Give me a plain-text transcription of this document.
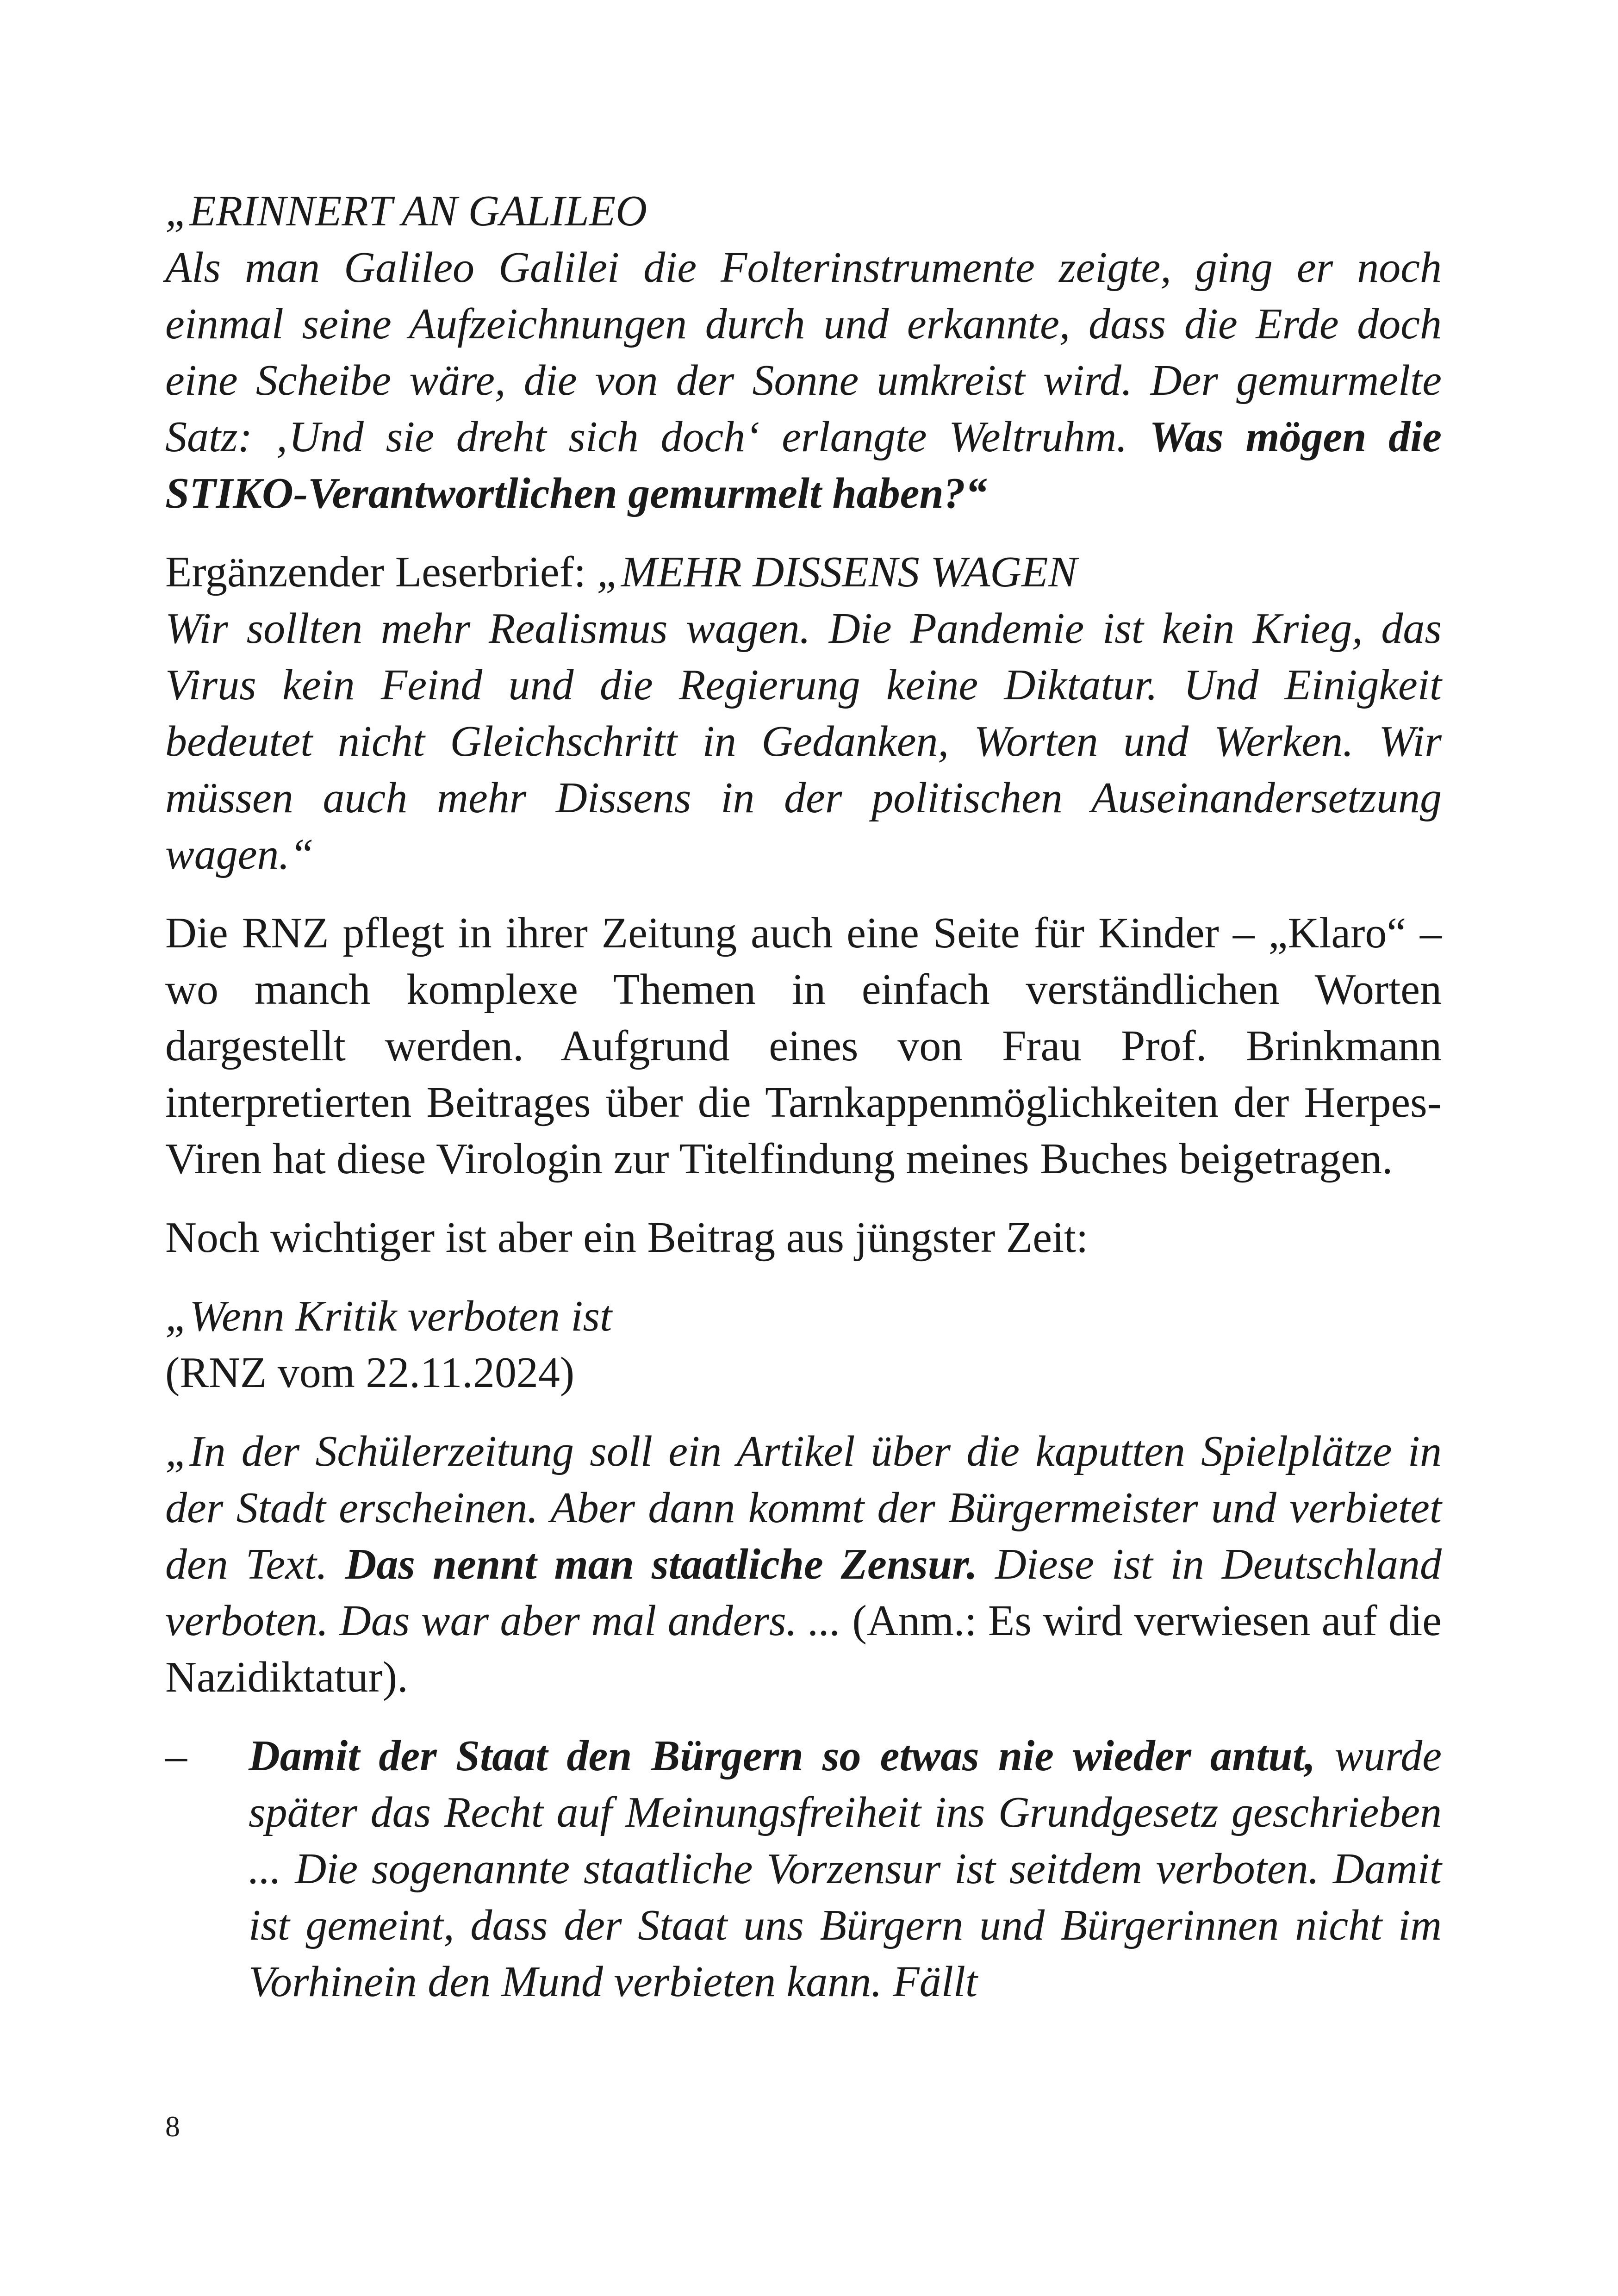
„ERINNERT AN GALILEO
Als man Galileo Galilei die Folterinstrumente zeigte, ging er noch einmal seine Aufzeichnungen durch und erkannte, dass die Erde doch eine Scheibe wäre, die von der Sonne umkreist wird. Der gemurmelte Satz: ‚Und sie dreht sich doch‘ erlangte Weltruhm. Was mögen die STIKO-Verantwortlichen gemurmelt haben?“

Ergänzender Leserbrief: „MEHR DISSENS WAGEN
Wir sollten mehr Realismus wagen. Die Pandemie ist kein Krieg, das Virus kein Feind und die Regierung keine Diktatur. Und Einigkeit bedeutet nicht Gleichschritt in Gedanken, Worten und Werken. Wir müssen auch mehr Dissens in der politischen Auseinandersetzung wagen.“

Die RNZ pflegt in ihrer Zeitung auch eine Seite für Kinder – „Klaro“ – wo manch komplexe Themen in einfach verständlichen Worten dargestellt werden. Aufgrund eines von Frau Prof. Brinkmann interpretierten Beitrages über die Tarnkappenmöglichkeiten der Herpes-Viren hat diese Virologin zur Titelfindung meines Buches beigetragen.

Noch wichtiger ist aber ein Beitrag aus jüngster Zeit:

„Wenn Kritik verboten ist
(RNZ vom 22.11.2024)

„In der Schülerzeitung soll ein Artikel über die kaputten Spielplätze in der Stadt erscheinen. Aber dann kommt der Bürgermeister und verbietet den Text. Das nennt man staatliche Zensur. Diese ist in Deutschland verboten. Das war aber mal anders. ... (Anm.: Es wird verwiesen auf die Nazidiktatur).

– Damit der Staat den Bürgern so etwas nie wieder antut, wurde später das Recht auf Meinungsfreiheit ins Grundgesetz geschrieben ... Die sogenannte staatliche Vorzensur ist seitdem verboten. Damit ist gemeint, dass der Staat uns Bürgern und Bürgerinnen nicht im Vorhinein den Mund verbieten kann. Fällt

8
